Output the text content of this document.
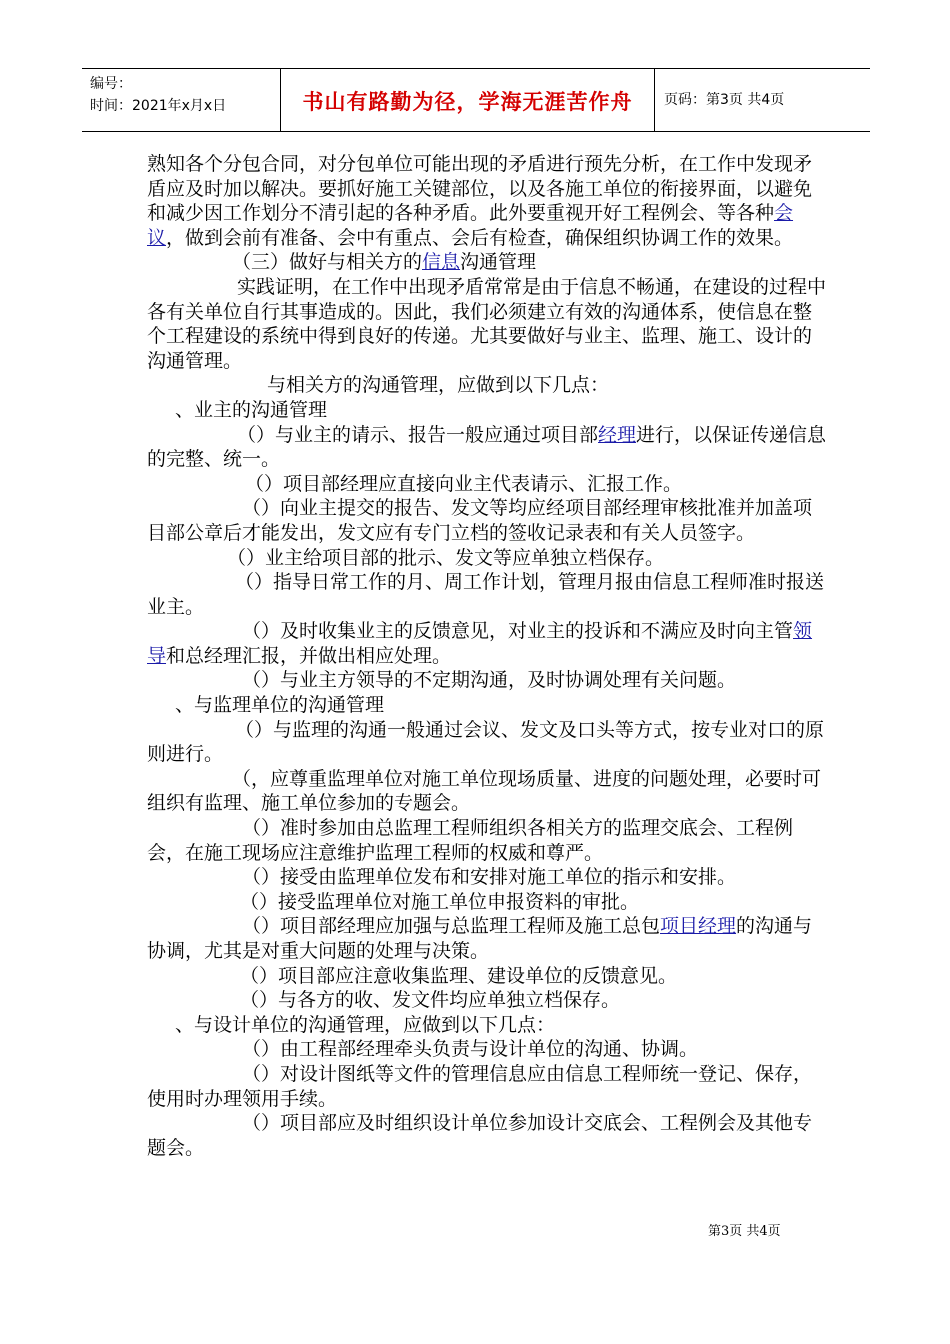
编号：
时间：2021年x月x日	书山有路勤为径，学海无涯苦作舟	页码：第3页 共4页

熟知各个分包合同，对分包单位可能出现的矛盾进行预先分析，在工作中发现矛盾应及时加以解决。要抓好施工关键部位，以及各施工单位的衔接界面，以避免和减少因工作划分不清引起的各种矛盾。此外要重视开好工程例会、等各种会议，做到会前有准备、会中有重点、会后有检查，确保组织协调工作的效果。

（三）做好与相关方的信息沟通管理

实践证明，在工作中出现矛盾常常是由于信息不畅通，在建设的过程中各有关单位自行其事造成的。因此，我们必须建立有效的沟通体系，使信息在整个工程建设的系统中得到良好的传递。尤其要做好与业主、监理、施工、设计的沟通管理。

与相关方的沟通管理，应做到以下几点：

、业主的沟通管理

（）与业主的请示、报告一般应通过项目部经理进行，以保证传递信息的完整、统一。

（）项目部经理应直接向业主代表请示、汇报工作。

（）向业主提交的报告、发文等均应经项目部经理审核批准并加盖项目部公章后才能发出，发文应有专门立档的签收记录表和有关人员签字。

（）业主给项目部的批示、发文等应单独立档保存。

（）指导日常工作的月、周工作计划，管理月报由信息工程师准时报送业主。

（）及时收集业主的反馈意见，对业主的投诉和不满应及时向主管领导和总经理汇报，并做出相应处理。

（）与业主方领导的不定期沟通，及时协调处理有关问题。

、与监理单位的沟通管理

（）与监理的沟通一般通过会议、发文及口头等方式，按专业对口的原则进行。

（，应尊重监理单位对施工单位现场质量、进度的问题处理，必要时可组织有监理、施工单位参加的专题会。

（）准时参加由总监理工程师组织各相关方的监理交底会、工程例会，在施工现场应注意维护监理工程师的权威和尊严。

（）接受由监理单位发布和安排对施工单位的指示和安排。

（）接受监理单位对施工单位申报资料的审批。

（）项目部经理应加强与总监理工程师及施工总包项目经理的沟通与协调，尤其是对重大问题的处理与决策。

（）项目部应注意收集监理、建设单位的反馈意见。

（）与各方的收、发文件均应单独立档保存。

、与设计单位的沟通管理，应做到以下几点：

（）由工程部经理牵头负责与设计单位的沟通、协调。

（）对设计图纸等文件的管理信息应由信息工程师统一登记、保存，使用时办理领用手续。

（）项目部应及时组织设计单位参加设计交底会、工程例会及其他专题会。

第3页 共4页
